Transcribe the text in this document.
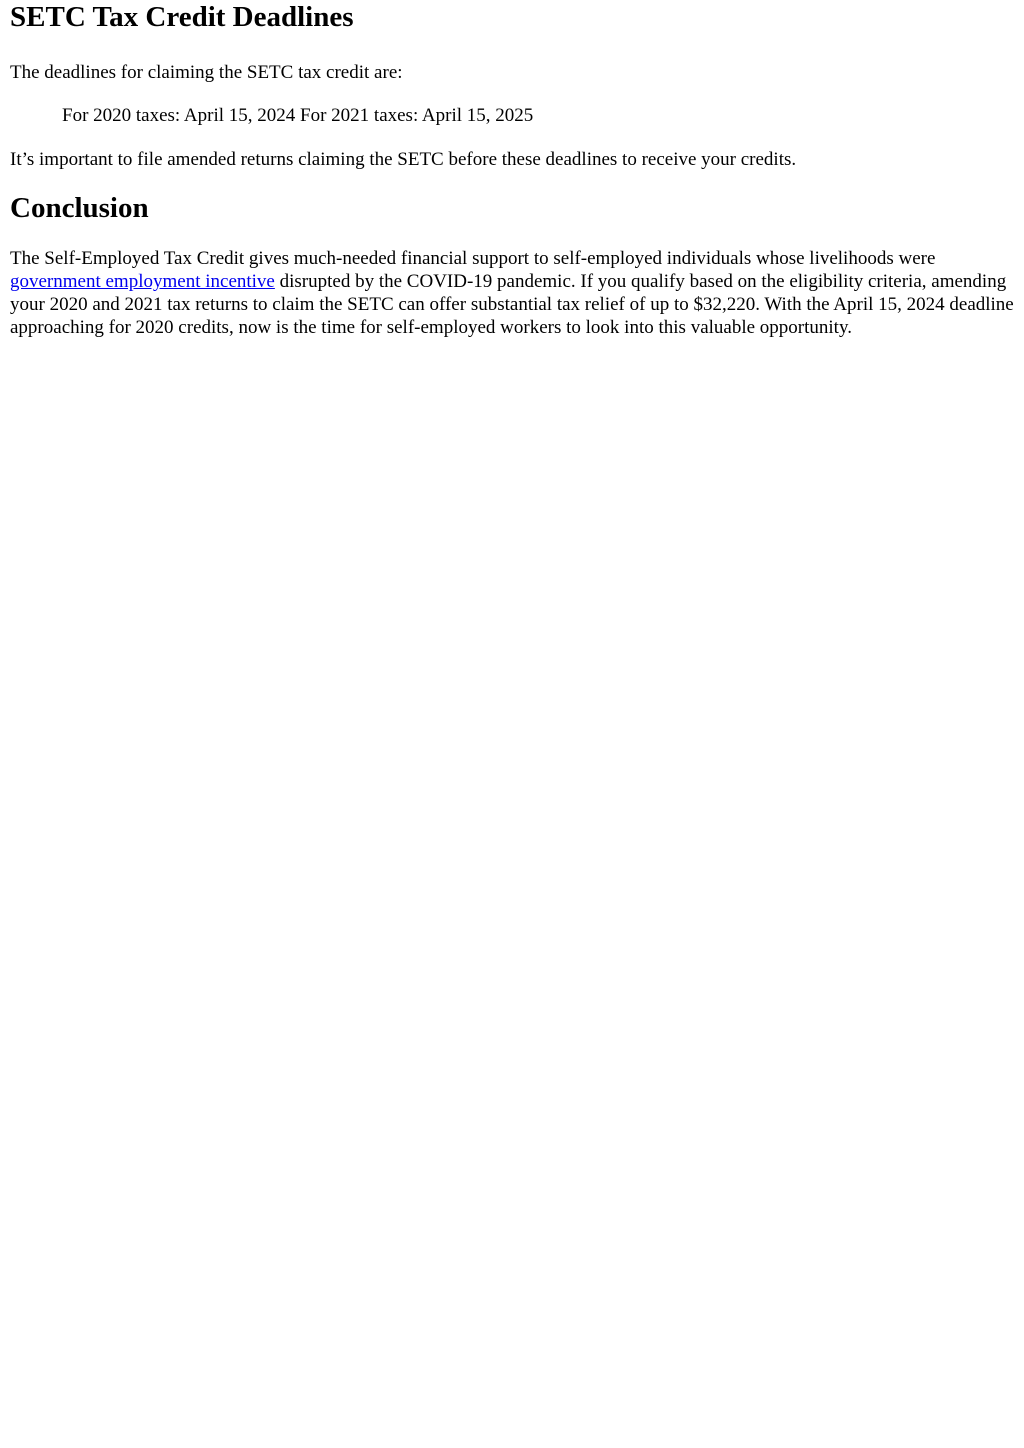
SETC Tax Credit Deadlines

The deadlines for claiming the SETC tax credit are:

For 2020 taxes: April 15, 2024 For 2021 taxes: April 15, 2025

It’s important to file amended returns claiming the SETC before these deadlines to receive your credits.

Conclusion

The Self-Employed Tax Credit gives much-needed financial support to self-employed individuals whose livelihoods were government employment incentive disrupted by the COVID-19 pandemic. If you qualify based on the eligibility criteria, amending your 2020 and 2021 tax returns to claim the SETC can offer substantial tax relief of up to $32,220. With the April 15, 2024 deadline approaching for 2020 credits, now is the time for self-employed workers to look into this valuable opportunity.
